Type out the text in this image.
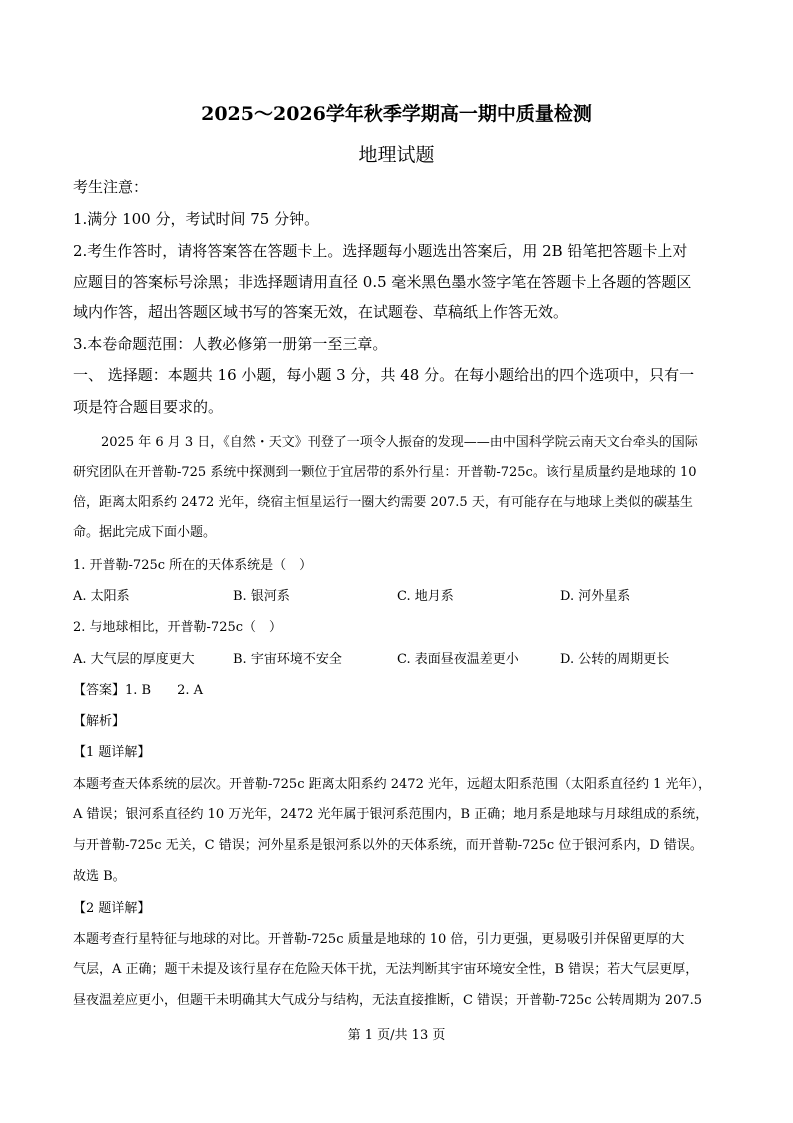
2025～2026学年秋季学期高一期中质量检测
地理试题
考生注意：
1.满分 100 分，考试时间 75 分钟。
2.考生作答时，请将答案答在答题卡上。选择题每小题选出答案后，用 2B 铅笔把答题卡上对
应题目的答案标号涂黑；非选择题请用直径 0.5 毫米黑色墨水签字笔在答题卡上各题的答题区
域内作答，超出答题区域书写的答案无效，在试题卷、草稿纸上作答无效。
3.本卷命题范围：人教必修第一册第一至三章。
一、 选择题：本题共 16 小题，每小题 3 分，共 48 分。在每小题给出的四个选项中，只有一
项是符合题目要求的。
2025 年 6 月 3 日，《自然・天文》刊登了一项令人振奋的发现——由中国科学院云南天文台牵头的国际
研究团队在开普勒-725 系统中探测到一颗位于宜居带的系外行星：开普勒-725c。该行星质量约是地球的 10
倍，距离太阳系约 2472 光年，绕宿主恒星运行一圈大约需要 207.5 天，有可能存在与地球上类似的碳基生
命。据此完成下面小题。
1. 开普勒-725c 所在的天体系统是（　）
A. 太阳系	B. 银河系	C. 地月系	D. 河外星系
2. 与地球相比，开普勒-725c（　）
A. 大气层的厚度更大	B. 宇宙环境不安全	C. 表面昼夜温差更小	D. 公转的周期更长
【答案】1. B　　2. A
【解析】
【1 题详解】
本题考查天体系统的层次。开普勒-725c 距离太阳系约 2472 光年，远超太阳系范围（太阳系直径约 1 光年），
A 错误；银河系直径约 10 万光年，2472 光年属于银河系范围内，B 正确；地月系是地球与月球组成的系统，
与开普勒-725c 无关，C 错误；河外星系是银河系以外的天体系统，而开普勒-725c 位于银河系内，D 错误。
故选 B。
【2 题详解】
本题考查行星特征与地球的对比。开普勒-725c 质量是地球的 10 倍，引力更强，更易吸引并保留更厚的大
气层，A 正确；题干未提及该行星存在危险天体干扰，无法判断其宇宙环境安全性，B 错误；若大气层更厚，
昼夜温差应更小，但题干未明确其大气成分与结构，无法直接推断，C 错误；开普勒-725c 公转周期为 207.5
第 1 页/共 13 页
